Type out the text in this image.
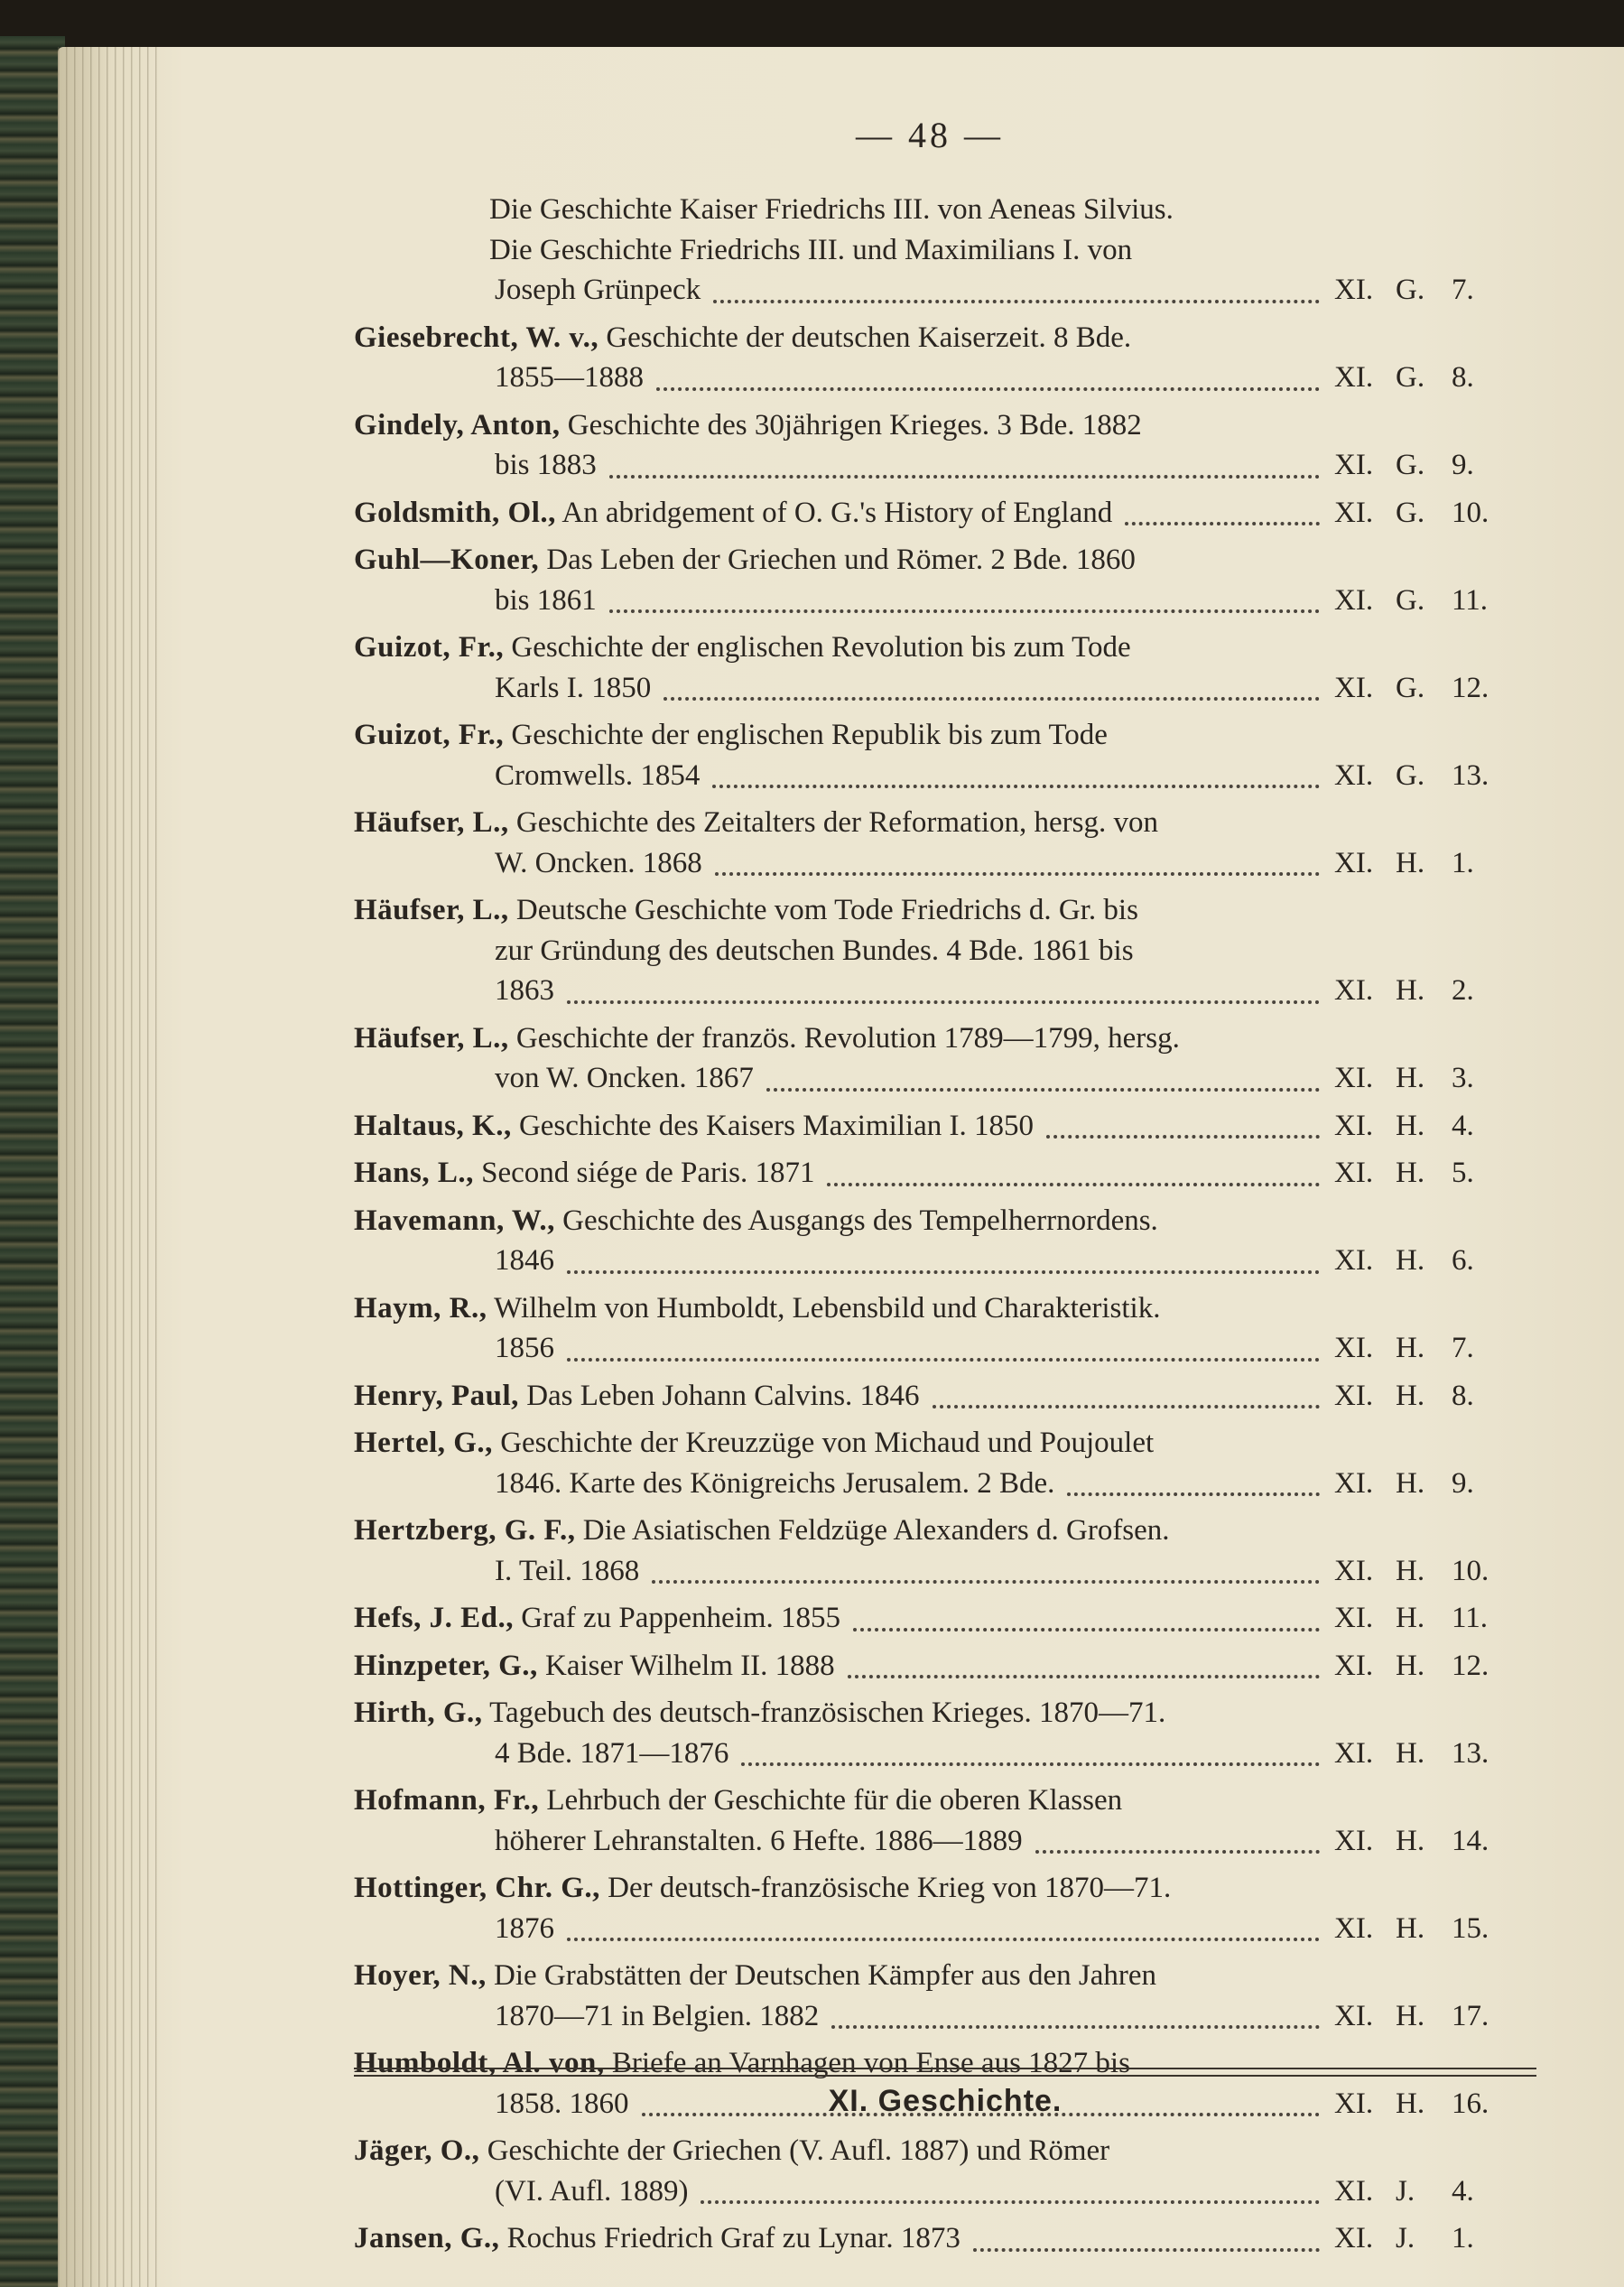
— 48 —
Die Geschichte Kaiser Friedrichs III. von Aeneas Silvius.
Die Geschichte Friedrichs III. und Maximilians I. von
Joseph Grünpeck	XI. G. 7.
Giesebrecht, W. v., Geschichte der deutschen Kaiserzeit. 8 Bde.
1855—1888	XI. G. 8.
Gindely, Anton, Geschichte des 30jährigen Krieges. 3 Bde. 1882
bis 1883	XI. G. 9.
Goldsmith, Ol., An abridgement of O. G.'s History of England	XI. G. 10.
Guhl—Koner, Das Leben der Griechen und Römer. 2 Bde. 1860
bis 1861	XI. G. 11.
Guizot, Fr., Geschichte der englischen Revolution bis zum Tode
Karls I. 1850	XI. G. 12.
Guizot, Fr., Geschichte der englischen Republik bis zum Tode
Cromwells. 1854	XI. G. 13.
Häufser, L., Geschichte des Zeitalters der Reformation, hersg. von
W. Oncken. 1868	XI. H. 1.
Häufser, L., Deutsche Geschichte vom Tode Friedrichs d. Gr. bis
zur Gründung des deutschen Bundes. 4 Bde. 1861 bis
1863	XI. H. 2.
Häufser, L., Geschichte der französ. Revolution 1789—1799, hersg.
von W. Oncken. 1867	XI. H. 3.
Haltaus, K., Geschichte des Kaisers Maximilian I. 1850	XI. H. 4.
Hans, L., Second siége de Paris. 1871	XI. H. 5.
Havemann, W., Geschichte des Ausgangs des Tempelherrnordens.
1846	XI. H. 6.
Haym, R., Wilhelm von Humboldt, Lebensbild und Charakteristik.
1856	XI. H. 7.
Henry, Paul, Das Leben Johann Calvins. 1846	XI. H. 8.
Hertel, G., Geschichte der Kreuzzüge von Michaud und Poujoulet
1846. Karte des Königreichs Jerusalem. 2 Bde.	XI. H. 9.
Hertzberg, G. F., Die Asiatischen Feldzüge Alexanders d. Grofsen.
I. Teil. 1868	XI. H. 10.
Hefs, J. Ed., Graf zu Pappenheim. 1855	XI. H. 11.
Hinzpeter, G., Kaiser Wilhelm II. 1888	XI. H. 12.
Hirth, G., Tagebuch des deutsch-französischen Krieges. 1870—71.
4 Bde. 1871—1876	XI. H. 13.
Hofmann, Fr., Lehrbuch der Geschichte für die oberen Klassen
höherer Lehranstalten. 6 Hefte. 1886—1889	XI. H. 14.
Hottinger, Chr. G., Der deutsch-französische Krieg von 1870—71.
1876	XI. H. 15.
Hoyer, N., Die Grabstätten der Deutschen Kämpfer aus den Jahren
1870—71 in Belgien. 1882	XI. H. 17.
Humboldt, Al. von, Briefe an Varnhagen von Ense aus 1827 bis
1858. 1860	XI. H. 16.
Jäger, O., Geschichte der Griechen (V. Aufl. 1887) und Römer
(VI. Aufl. 1889)	XI. J.	4.
Jansen, G., Rochus Friedrich Graf zu Lynar. 1873	XI. J.	1.
XI. Geschichte.
